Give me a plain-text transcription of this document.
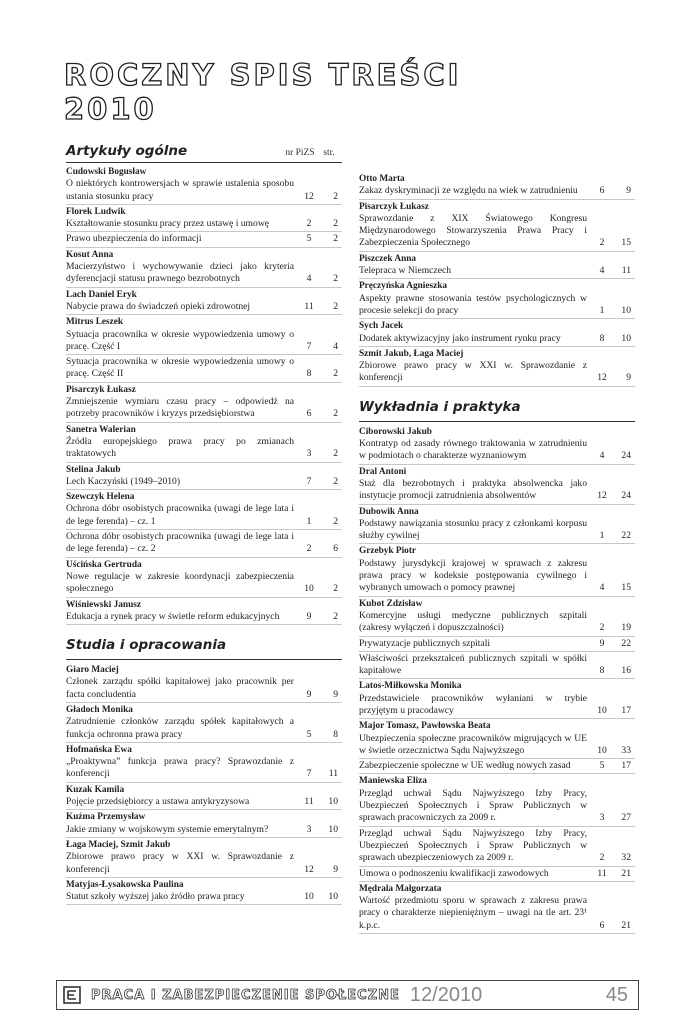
ROCZNY SPIS TREŚCI
2010
Artykuły ogólne	nr PiZS str.
Cudowski Bogusław
O niektórych kontrowersjach w sprawie ustalenia sposobu ustania stosunku pracy	12	2
Florek Ludwik
Kształtowanie stosunku pracy przez ustawę i umowę	2	2
Prawo ubezpieczenia do informacji	5	2
Kosut Anna
Macierzyństwo i wychowywanie dzieci jako kryteria dyferencjacji statusu prawnego bezrobotnych	4	2
Lach Daniel Eryk
Nabycie prawa do świadczeń opieki zdrowotnej	11	2
Mitrus Leszek
Sytuacja pracownika w okresie wypowiedzenia umowy o pracę. Część I	7	4
Sytuacja pracownika w okresie wypowiedzenia umowy o pracę. Część II	8	2
Pisarczyk Łukasz
Zmniejszenie wymiaru czasu pracy – odpowiedź na potrzeby pracowników i kryzys przedsiębiorstwa	6	2
Sanetra Walerian
Źródła europejskiego prawa pracy po zmianach traktatowych	3	2
Stelina Jakub
Lech Kaczyński (1949–2010)	7	2
Szewczyk Helena
Ochrona dóbr osobistych pracownika (uwagi de lege lata i de lege ferenda) – cz. 1	1	2
Ochrona dóbr osobistych pracownika (uwagi de lege lata i de lege ferenda) – cz. 2	2	6
Uścińska Gertruda
Nowe regulacje w zakresie koordynacji zabezpieczenia społecznego	10	2
Wiśniewski Janusz
Edukacja a rynek pracy w świetle reform edukacyjnych	9	2
Studia i opracowania
Giaro Maciej
Członek zarządu spółki kapitałowej jako pracownik per facta concludentia	9	9
Gładoch Monika
Zatrudnienie członków zarządu spółek kapitałowych a funkcja ochronna prawa pracy	5	8
Hofmańska Ewa
„Proaktywna” funkcja prawa pracy? Sprawozdanie z konferencji	7	11
Kuzak Kamila
Pojęcie przedsiębiorcy a ustawa antykryzysowa	11	10
Kuźma Przemysław
Jakie zmiany w wojskowym systemie emerytalnym?	3	10
Łaga Maciej, Szmit Jakub
Zbiorowe prawo pracy w XXI w. Sprawozdanie z konferencji	12	9
Matyjas-Łysakowska Paulina
Statut szkoły wyższej jako źródło prawa pracy	10	10
Otto Marta
Zakaz dyskryminacji ze względu na wiek w zatrudnieniu	6	9
Pisarczyk Łukasz
Sprawozdanie z XIX Światowego Kongresu Międzynarodowego Stowarzyszenia Prawa Pracy i Zabezpieczenia Społecznego	2	15
Piszczek Anna
Telepraca w Niemczech	4	11
Pręczyńska Agnieszka
Aspekty prawne stosowania testów psychologicznych w procesie selekcji do pracy	1	10
Sych Jacek
Dodatek aktywizacyjny jako instrument rynku pracy	8	10
Szmit Jakub, Łaga Maciej
Zbiorowe prawo pracy w XXI w. Sprawozdanie z konferencji	12	9
Wykładnia i praktyka
Ciborowski Jakub
Kontratyp od zasady równego traktowania w zatrudnieniu w podmiotach o charakterze wyznaniowym	4	24
Dral Antoni
Staż dla bezrobotnych i praktyka absolwencka jako instytucje promocji zatrudnienia absolwentów	12	24
Dubowik Anna
Podstawy nawiązania stosunku pracy z członkami korpusu służby cywilnej	1	22
Grzebyk Piotr
Podstawy jurysdykcji krajowej w sprawach z zakresu prawa pracy w kodeksie postępowania cywilnego i wybranych umowach o pomocy prawnej	4	15
Kubot Zdzisław
Komercyjne usługi medyczne publicznych szpitali (zakresy wyłączeń i dopuszczalności)	2	19
Prywatyzacje publicznych szpitali	9	22
Właściwości przekształceń publicznych szpitali w spółki kapitałowe	8	16
Latos-Miłkowska Monika
Przedstawiciele pracowników wyłaniani w trybie przyjętym u pracodawcy	10	17
Major Tomasz, Pawłowska Beata
Ubezpieczenia społeczne pracowników migrujących w UE w świetle orzecznictwa Sądu Najwyższego	10	33
Zabezpieczenie społeczne w UE według nowych zasad	5	17
Maniewska Eliza
Przegląd uchwał Sądu Najwyższego Izby Pracy, Ubezpieczeń Społecznych i Spraw Publicznych w sprawach pracowniczych za 2009 r.	3	27
Przegląd uchwał Sądu Najwyższego Izby Pracy, Ubezpieczeń Społecznych i Spraw Publicznych w sprawach ubezpieczeniowych za 2009 r.	2	32
Umowa o podnoszeniu kwalifikacji zawodowych	11	21
Mędrala Małgorzata
Wartość przedmiotu sporu w sprawach z zakresu prawa pracy o charakterze niepieniężnym – uwagi na tle art. 23¹ k.p.c.	6	21
PRACA I ZABEZPIECZENIE SPOŁECZNE 12/2010	45
